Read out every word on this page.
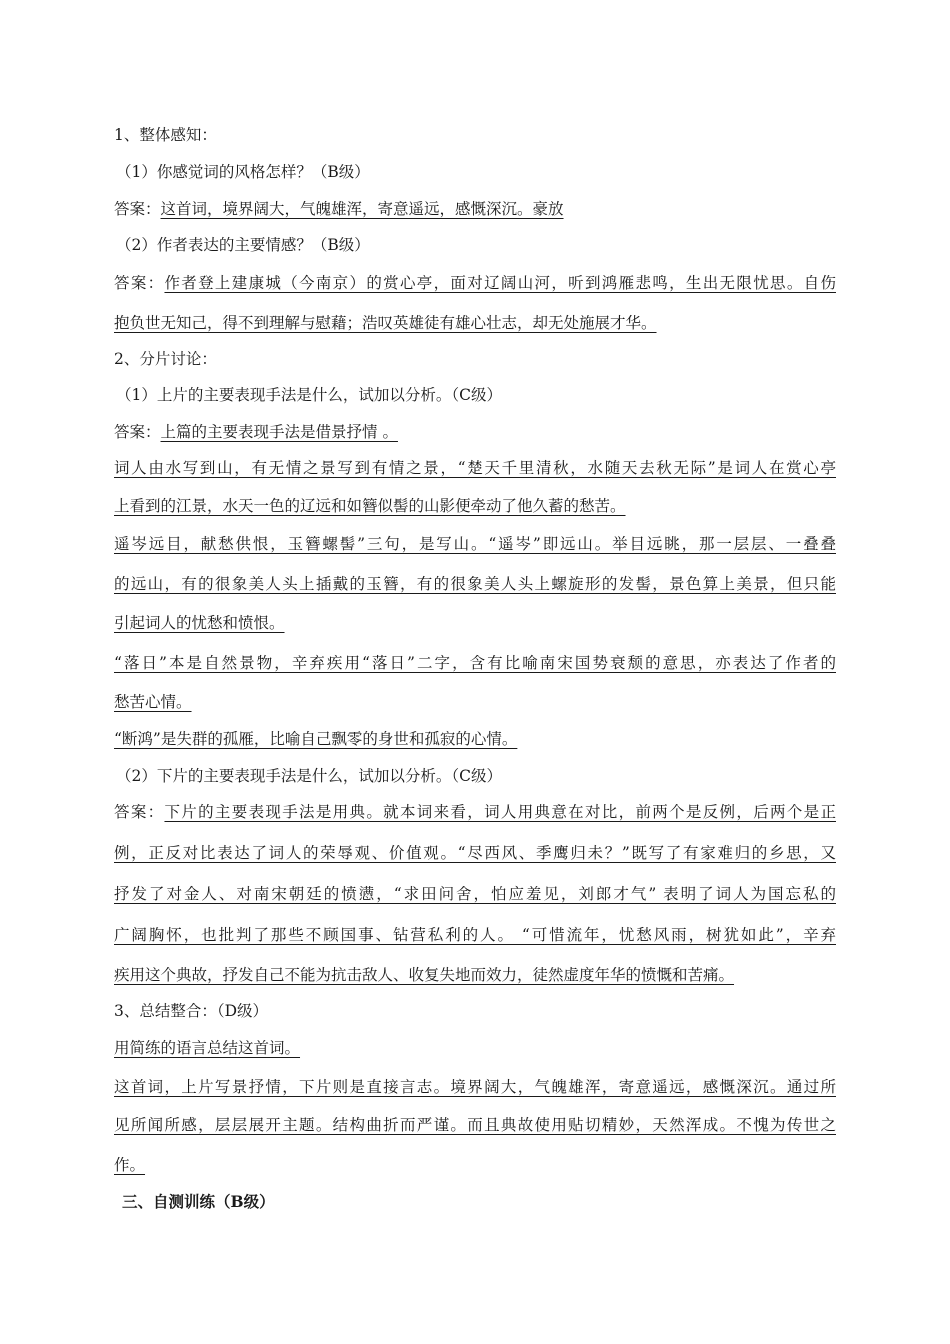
1、整体感知：
（1）你感觉词的风格怎样？（B级）
答案：这首词，境界阔大，气魄雄浑，寄意遥远，感慨深沉。豪放
（2）作者表达的主要情感？（B级）
答案：作者登上建康城（今南京）的赏心亭，面对辽阔山河，听到鸿雁悲鸣，生出无限忧思。自伤
抱负世无知己，得不到理解与慰藉；浩叹英雄徒有雄心壮志，却无处施展才华。
2、分片讨论：
（1）上片的主要表现手法是什么，试加以分析。（C级）
答案：上篇的主要表现手法是借景抒情 。
词人由水写到山，有无情之景写到有情之景，“楚天千里清秋，水随天去秋无际”是词人在赏心亭
上看到的江景，水天一色的辽远和如簪似髻的山影便牵动了他久蓄的愁苦。
遥岑远目，献愁供恨，玉簪螺髻”三句，是写山。“遥岑”即远山。举目远眺，那一层层、一叠叠
的远山，有的很象美人头上插戴的玉簪，有的很象美人头上螺旋形的发髻，景色算上美景，但只能
引起词人的忧愁和愤恨。
“落日”本是自然景物，辛弃疾用“落日”二字，含有比喻南宋国势衰颓的意思，亦表达了作者的
愁苦心情。
“断鸿”是失群的孤雁，比喻自己飘零的身世和孤寂的心情。
（2）下片的主要表现手法是什么，试加以分析。（C级）
答案：下片的主要表现手法是用典。就本词来看，词人用典意在对比，前两个是反例，后两个是正
例，正反对比表达了词人的荣辱观、价值观。“尽西风、季鹰归未？”既写了有家难归的乡思，又
抒发了对金人、对南宋朝廷的愤懑，“求田问舍，怕应羞见，刘郎才气” 表明了词人为国忘私的
广阔胸怀，也批判了那些不顾国事、钻营私利的人。 “可惜流年，忧愁风雨，树犹如此”，辛弃
疾用这个典故，抒发自己不能为抗击敌人、收复失地而效力，徒然虚度年华的愤慨和苦痛。
3、总结整合：（D级）
用简练的语言总结这首词。
这首词，上片写景抒情，下片则是直接言志。境界阔大，气魄雄浑，寄意遥远，感慨深沉。通过所
见所闻所感，层层展开主题。结构曲折而严谨。而且典故使用贴切精妙，天然浑成。不愧为传世之
作。
三、自测训练（B级）
